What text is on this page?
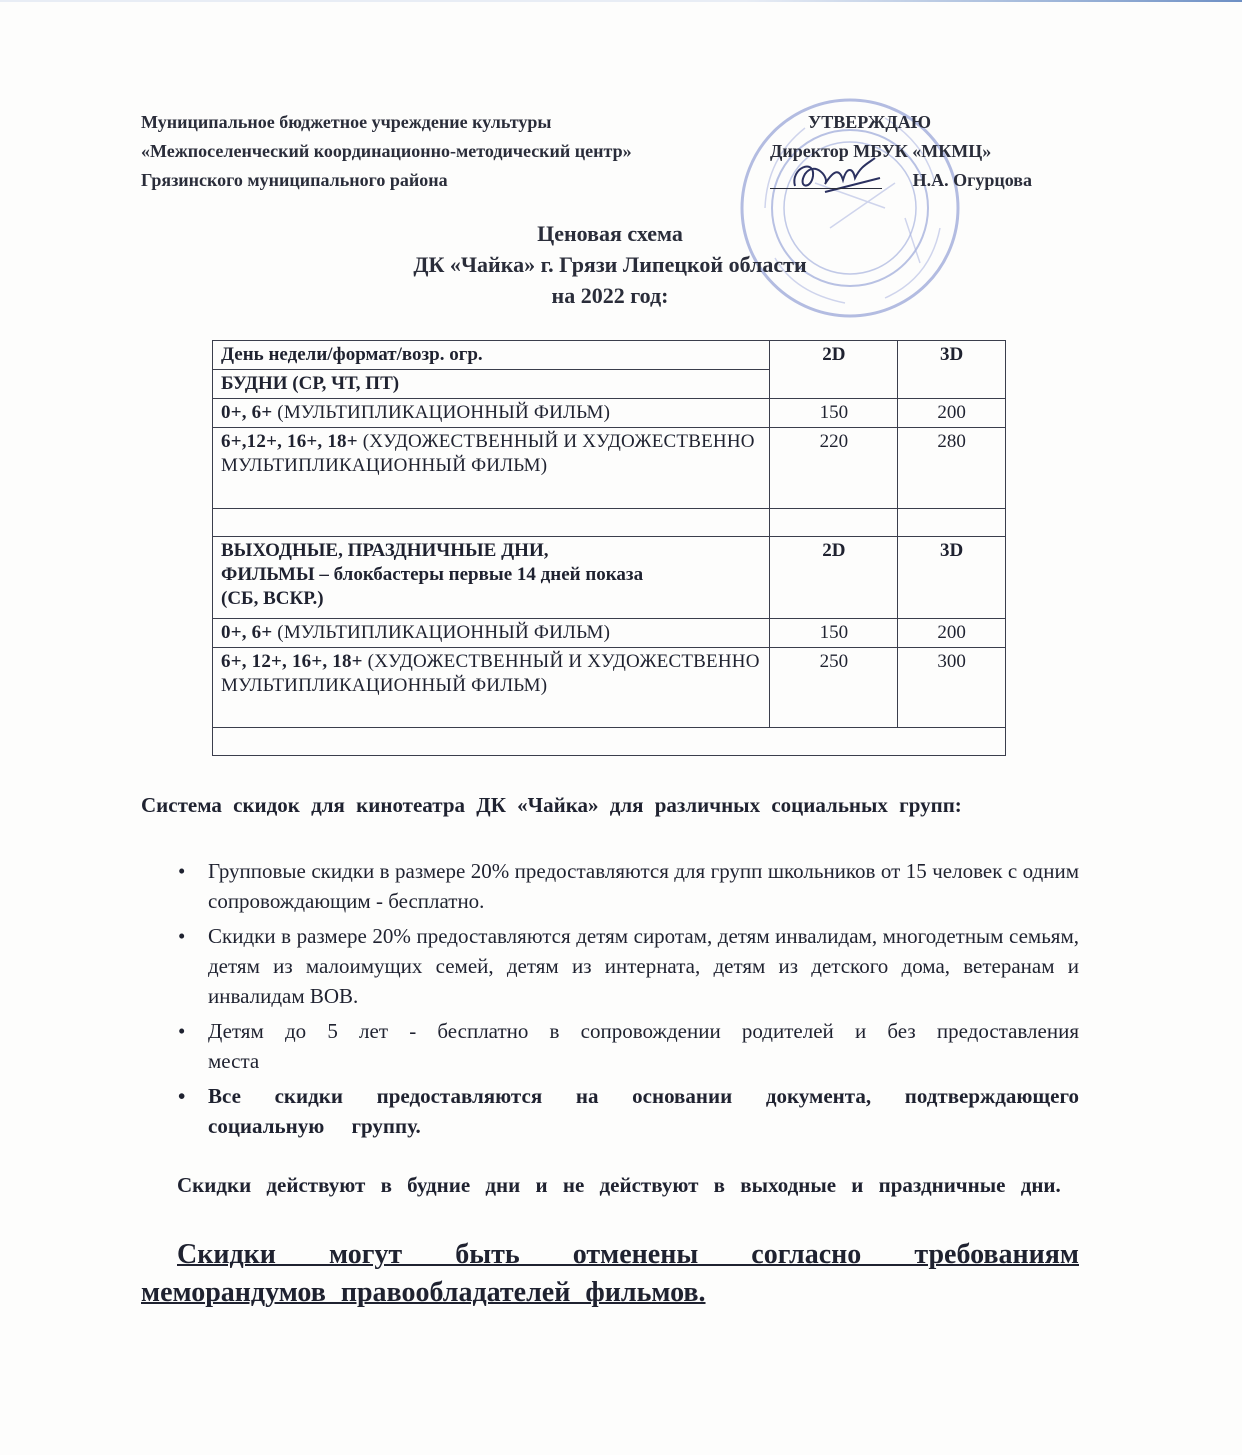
Муниципальное бюджетное учреждение культуры
«Межпоселенческий координационно-методический центр»
Грязинского муниципального района
УТВЕРЖДАЮ
Директор МБУК «МКМЦ»
Н.А. Огурцова
Ценовая схема
ДК «Чайка» г. Грязи Липецкой области
на 2022 год:
День недели/формат/возр. огр.	2D	3D
БУДНИ (СР, ЧТ, ПТ)		
0+, 6+ (МУЛЬТИПЛИКАЦИОННЫЙ ФИЛЬМ)	150	200
6+,12+, 16+, 18+ (ХУДОЖЕСТВЕННЫЙ И ХУДОЖЕСТВЕННО МУЛЬТИПЛИКАЦИОННЫЙ ФИЛЬМ)	220	280

ВЫХОДНЫЕ, ПРАЗДНИЧНЫЕ ДНИ,
ФИЛЬМЫ – блокбастеры первые 14 дней показа
(СБ, ВСКР.)	2D	3D
0+, 6+ (МУЛЬТИПЛИКАЦИОННЫЙ ФИЛЬМ)	150	200
6+, 12+, 16+, 18+ (ХУДОЖЕСТВЕННЫЙ И ХУДОЖЕСТВЕННО МУЛЬТИПЛИКАЦИОННЫЙ ФИЛЬМ)	250	300

Система скидок для кинотеатра ДК «Чайка» для различных социальных групп:
• Групповые скидки в размере 20% предоставляются для групп школьников от 15 человек с одним сопровождающим - бесплатно.
• Скидки в размере 20% предоставляются детям сиротам, детям инвалидам, многодетным семьям, детям из малоимущих семей, детям из интерната, детям из детского дома, ветеранам и инвалидам ВОВ.
• Детям до 5 лет - бесплатно в сопровождении родителей и без предоставления места
• Все скидки предоставляются на основании документа, подтверждающего социальную группу.
Скидки действуют в будние дни и не действуют в выходные и праздничные дни.
Скидки могут быть отменены согласно требованиям меморандумов правообладателей фильмов.
